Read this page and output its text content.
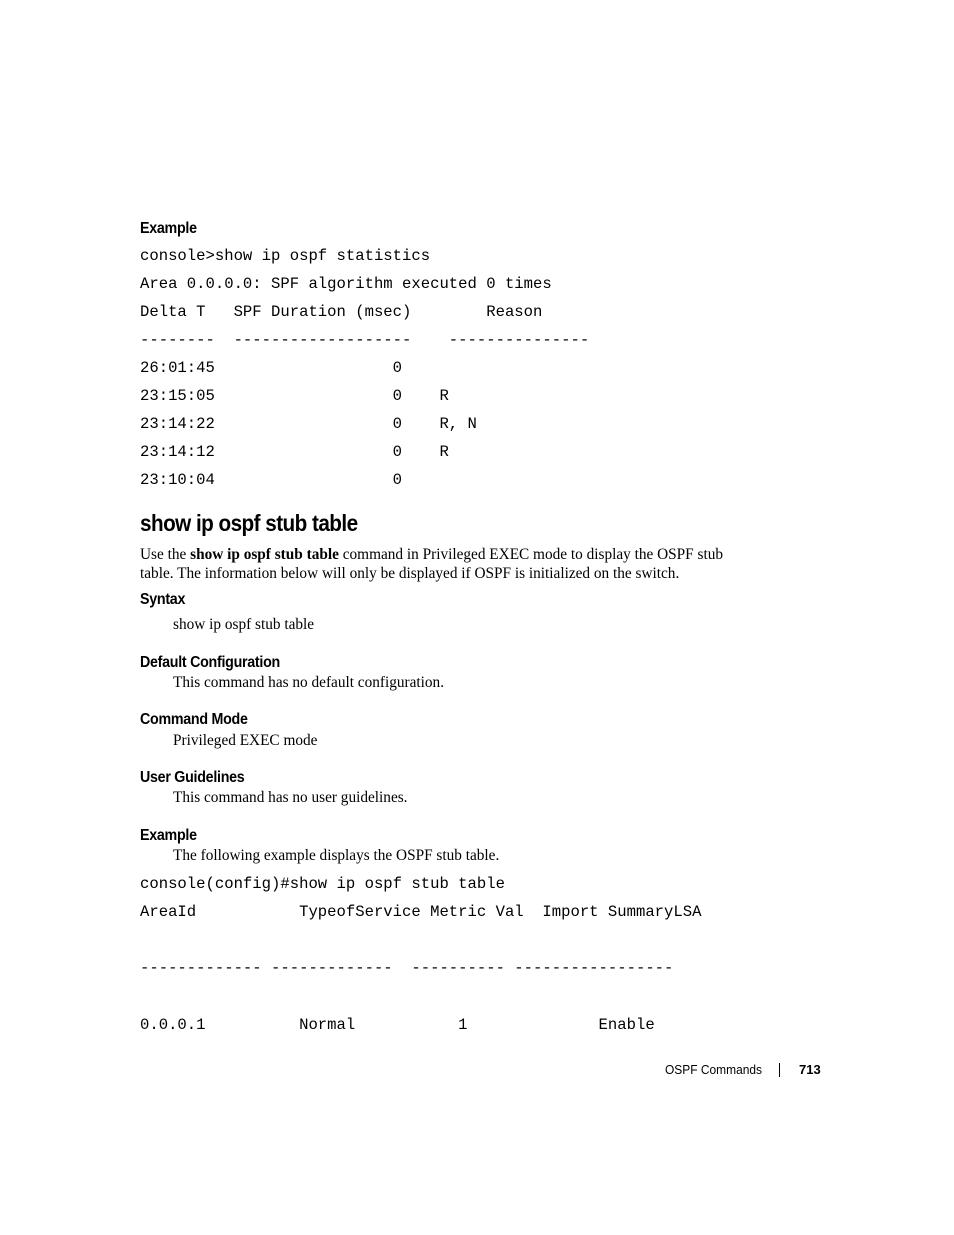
Example
console>show ip ospf statistics
Area 0.0.0.0: SPF algorithm executed 0 times
Delta T   SPF Duration (msec)        Reason
--------  -------------------    ---------------
26:01:45                   0
23:15:05                   0    R
23:14:22                   0    R, N
23:14:12                   0    R
23:10:04                   0
show ip ospf stub table
Use the show ip ospf stub table command in Privileged EXEC mode to display the OSPF stub
table. The information below will only be displayed if OSPF is initialized on the switch.
Syntax
show ip ospf stub table
Default Configuration
This command has no default configuration.
Command Mode
Privileged EXEC mode
User Guidelines
This command has no user guidelines.
Example
The following example displays the OSPF stub table.
console(config)#show ip ospf stub table
AreaId           TypeofService Metric Val  Import SummaryLSA
------------- -------------  ---------- -----------------
0.0.0.1          Normal           1              Enable
OSPF Commands	713
